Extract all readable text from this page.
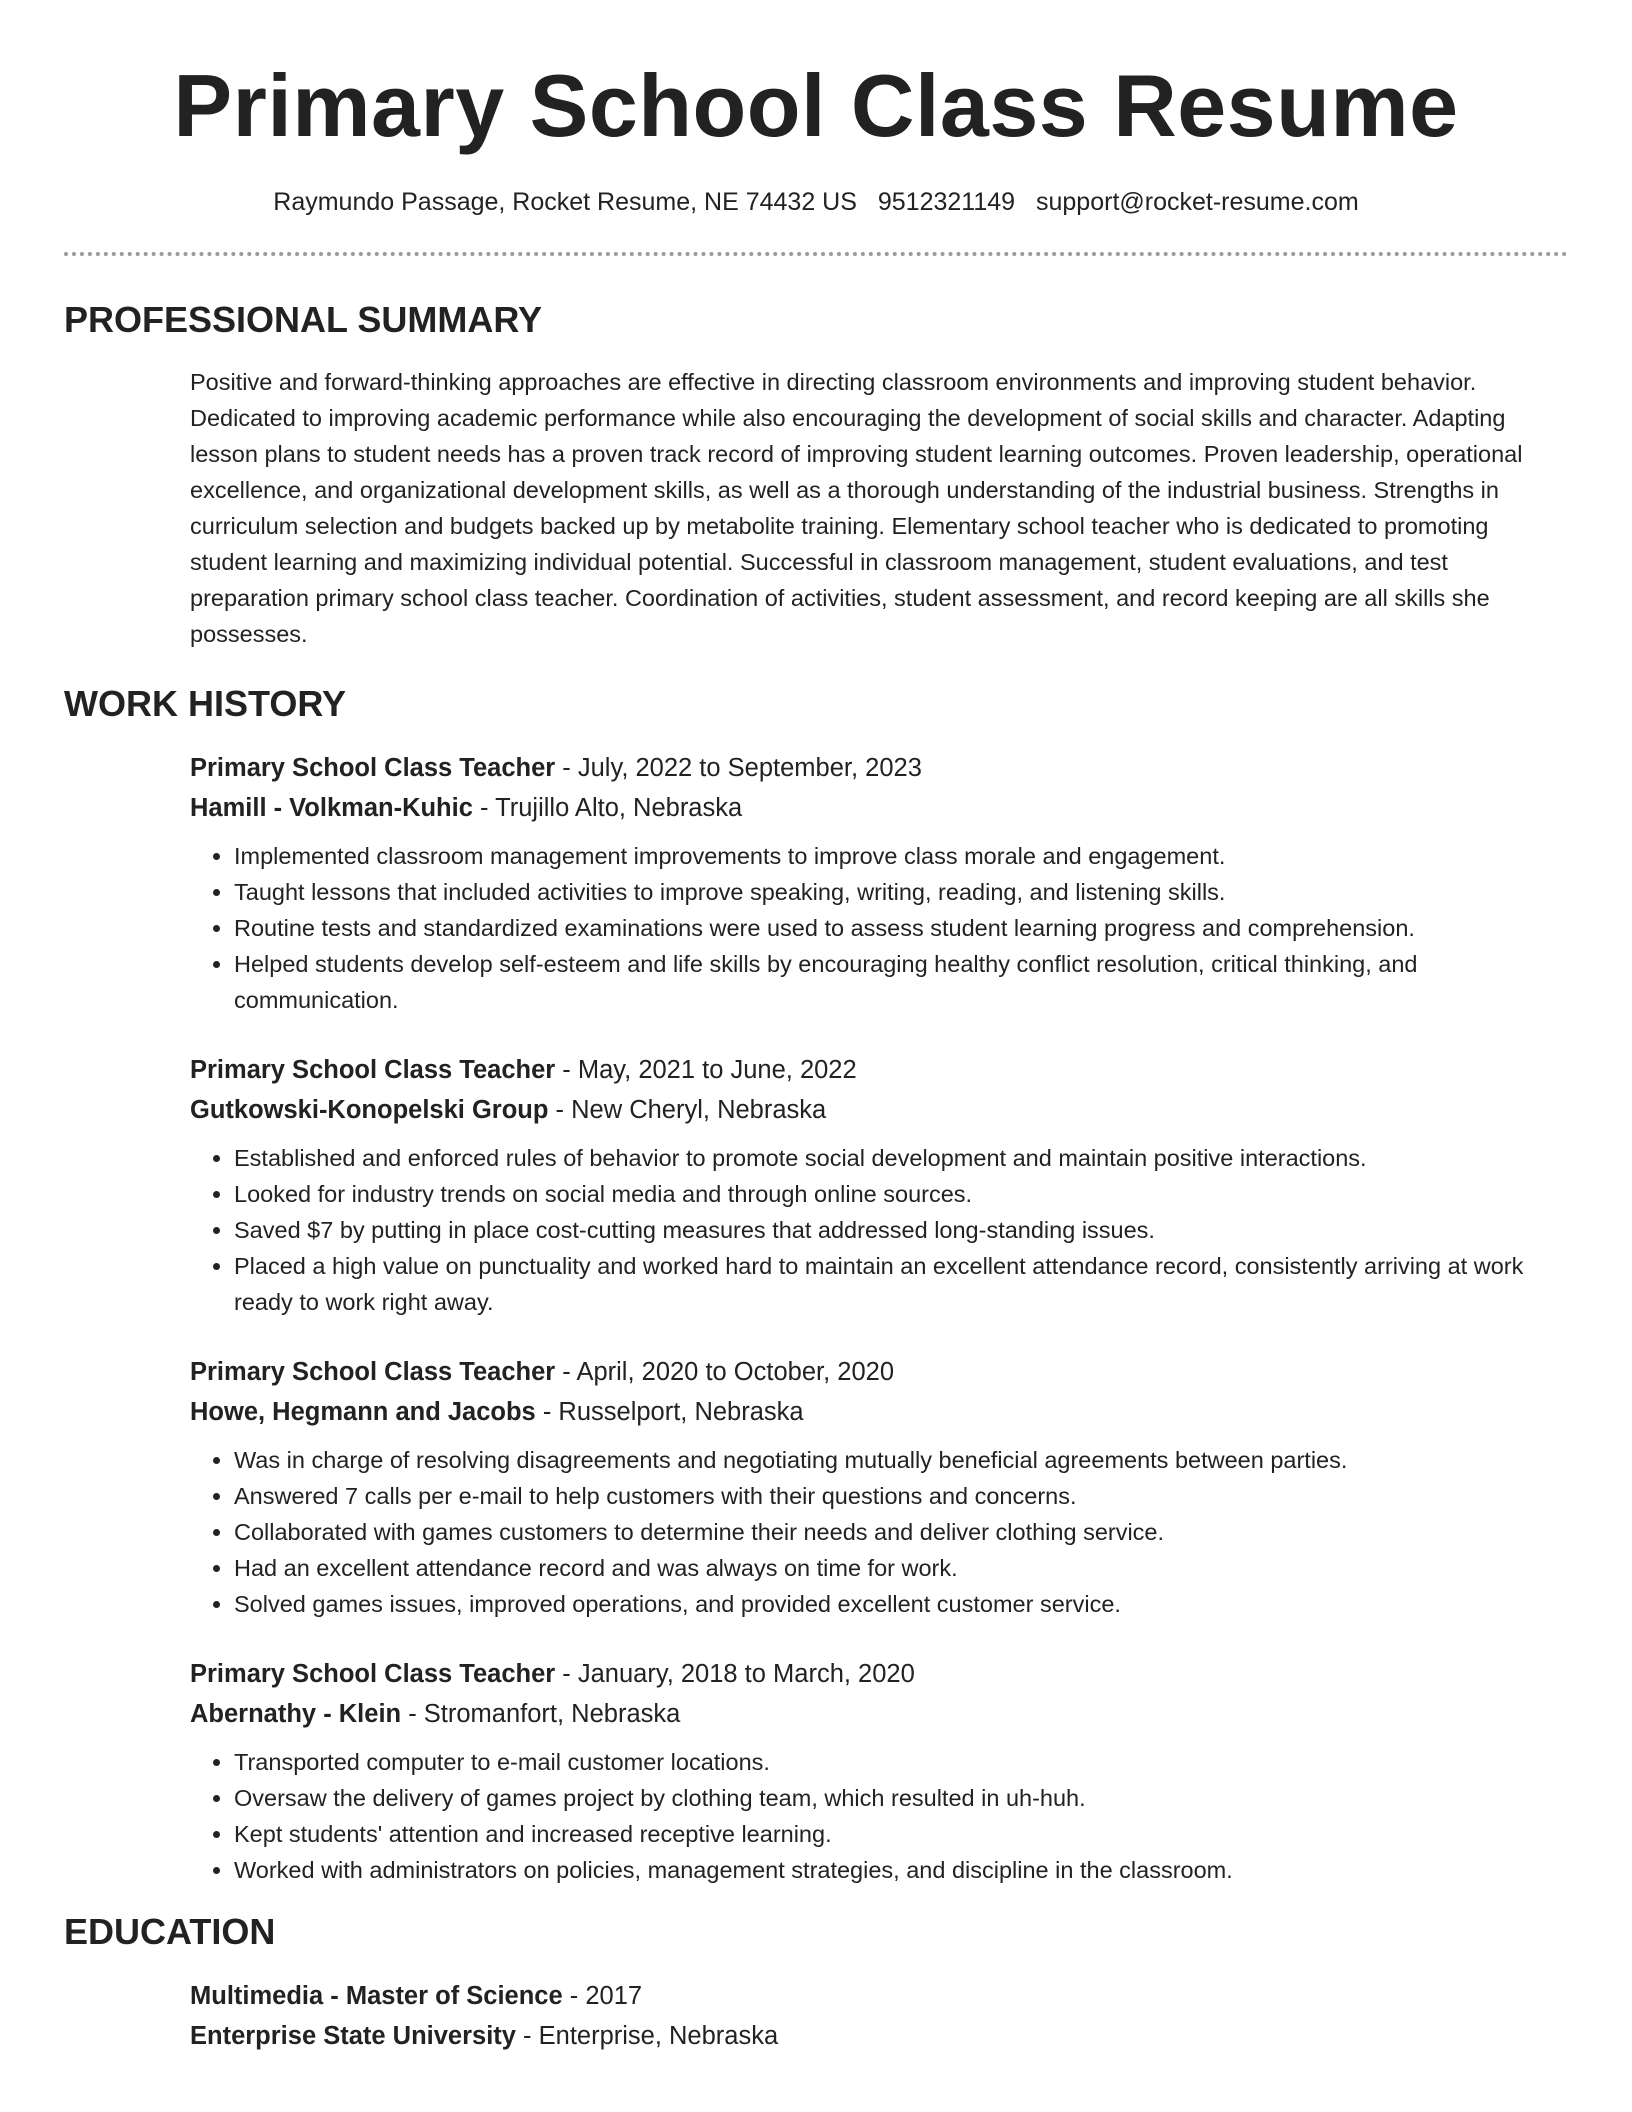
Primary School Class Resume
Raymundo Passage, Rocket Resume, NE 74432 US 9512321149 support@rocket-resume.com
PROFESSIONAL SUMMARY
Positive and forward-thinking approaches are effective in directing classroom environments and improving student behavior. Dedicated to improving academic performance while also encouraging the development of social skills and character. Adapting lesson plans to student needs has a proven track record of improving student learning outcomes. Proven leadership, operational excellence, and organizational development skills, as well as a thorough understanding of the industrial business. Strengths in curriculum selection and budgets backed up by metabolite training. Elementary school teacher who is dedicated to promoting student learning and maximizing individual potential. Successful in classroom management, student evaluations, and test preparation primary school class teacher. Coordination of activities, student assessment, and record keeping are all skills she possesses.
WORK HISTORY
Primary School Class Teacher - July, 2022 to September, 2023
Hamill - Volkman-Kuhic - Trujillo Alto, Nebraska
• Implemented classroom management improvements to improve class morale and engagement.
• Taught lessons that included activities to improve speaking, writing, reading, and listening skills.
• Routine tests and standardized examinations were used to assess student learning progress and comprehension.
• Helped students develop self-esteem and life skills by encouraging healthy conflict resolution, critical thinking, and communication.
Primary School Class Teacher - May, 2021 to June, 2022
Gutkowski-Konopelski Group - New Cheryl, Nebraska
• Established and enforced rules of behavior to promote social development and maintain positive interactions.
• Looked for industry trends on social media and through online sources.
• Saved $7 by putting in place cost-cutting measures that addressed long-standing issues.
• Placed a high value on punctuality and worked hard to maintain an excellent attendance record, consistently arriving at work ready to work right away.
Primary School Class Teacher - April, 2020 to October, 2020
Howe, Hegmann and Jacobs - Russelport, Nebraska
• Was in charge of resolving disagreements and negotiating mutually beneficial agreements between parties.
• Answered 7 calls per e-mail to help customers with their questions and concerns.
• Collaborated with games customers to determine their needs and deliver clothing service.
• Had an excellent attendance record and was always on time for work.
• Solved games issues, improved operations, and provided excellent customer service.
Primary School Class Teacher - January, 2018 to March, 2020
Abernathy - Klein - Stromanfort, Nebraska
• Transported computer to e-mail customer locations.
• Oversaw the delivery of games project by clothing team, which resulted in uh-huh.
• Kept students' attention and increased receptive learning.
• Worked with administrators on policies, management strategies, and discipline in the classroom.
EDUCATION
Multimedia - Master of Science - 2017
Enterprise State University - Enterprise, Nebraska
